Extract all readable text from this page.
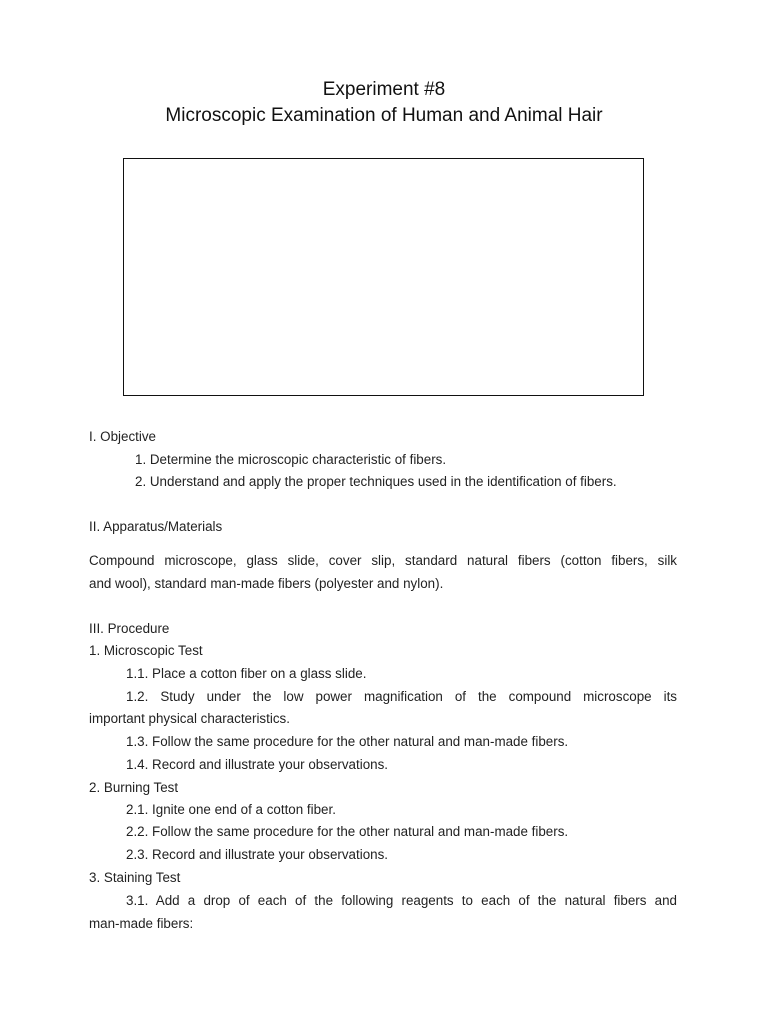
Experiment #8
Microscopic Examination of Human and Animal Hair
I. Objective
1. Determine the microscopic characteristic of fibers.
2. Understand and apply the proper techniques used in the identification of fibers.
II. Apparatus/Materials
Compound microscope, glass slide, cover slip, standard natural fibers (cotton fibers, silk
and wool), standard man-made fibers (polyester and nylon).
III. Procedure
1. Microscopic Test
1.1. Place a cotton fiber on a glass slide.
1.2. Study under the low power magnification of the compound microscope its
important physical characteristics.
1.3. Follow the same procedure for the other natural and man-made fibers.
1.4. Record and illustrate your observations.
2. Burning Test
2.1. Ignite one end of a cotton fiber.
2.2. Follow the same procedure for the other natural and man-made fibers.
2.3. Record and illustrate your observations.
3. Staining Test
3.1. Add a drop of each of the following reagents to each of the natural fibers and
man-made fibers:
